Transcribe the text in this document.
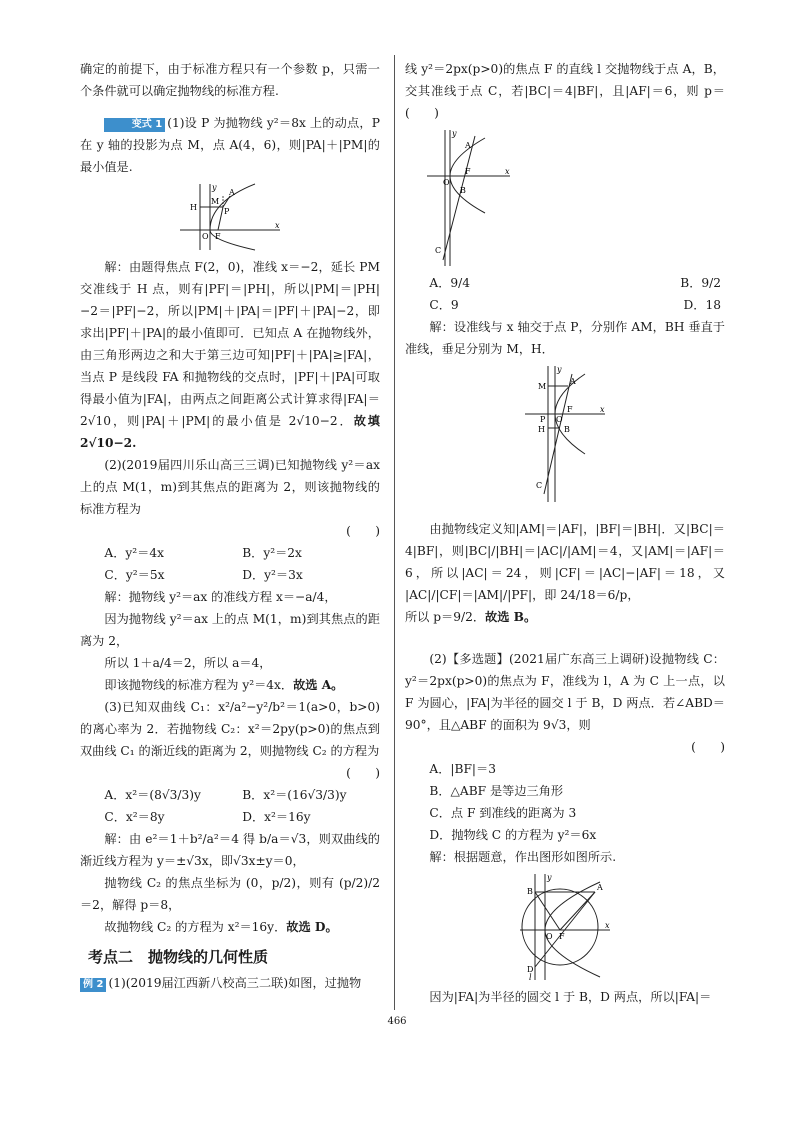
确定的前提下，由于标准方程只有一个参数 p，只需一个条件就可以确定抛物线的标准方程.

变式 1 (1)设 P 为抛物线 y²＝8x 上的动点，P 在 y 轴的投影为点 M，点 A(4，6)，则|PA|＋|PM|的最小值是.

H
M
P
A
O F
x
y

解：由题得焦点 F(2，0)，准线 x＝−2，延长 PM 交准线于 H 点，则有|PF|＝|PH|，所以|PM|＝|PH|−2＝|PF|−2，所以|PM|＋|PA|＝|PF|＋|PA|−2，即求出|PF|＋|PA|的最小值即可．已知点 A 在抛物线外，由三角形两边之和大于第三边可知|PF|＋|PA|≥|FA|，当点 P 是线段 FA 和抛物线的交点时，|PF|＋|PA|可取得最小值为|FA|，由两点之间距离公式计算求得|FA|＝2√10，则|PA|＋|PM|的最小值是 2√10−2．故填 2√10−2.

(2)(2019届四川乐山高三三调)已知抛物线 y²＝ax 上的点 M(1，m)到其焦点的距离为 2，则该抛物线的标准方程为

(　　)

A．y²＝4x	B．y²＝2x
C．y²＝5x	D．y²＝3x

解：抛物线 y²＝ax 的准线方程 x＝−a/4，

因为抛物线 y²＝ax 上的点 M(1，m)到其焦点的距离为 2，

所以 1＋a/4＝2，所以 a＝4，

即该抛物线的标准方程为 y²＝4x．故选 A。

(3)已知双曲线 C₁：x²/a²−y²/b²＝1(a>0，b>0)的离心率为 2．若抛物线 C₂：x²＝2py(p>0)的焦点到双曲线 C₁ 的渐近线的距离为 2，则抛物线 C₂ 的方程为

(　　)

A．x²＝(8√3/3)y	B．x²＝(16√3/3)y
C．x²＝8y	D．x²＝16y

解：由 e²＝1＋b²/a²＝4 得 b/a＝√3，则双曲线的渐近线方程为 y＝±√3x，即√3x±y＝0，

抛物线 C₂ 的焦点坐标为 (0，p/2)，则有 (p/2)/2＝2，解得 p＝8，

故抛物线 C₂ 的方程为 x²＝16y．故选 D。

考点二　抛物线的几何性质

例 2 (1)(2019届江西新八校高三二联)如图，过抛物

线 y²＝2px(p>0)的焦点 F 的直线 l 交抛物线于点 A，B，交其准线于点 C，若|BC|＝4|BF|，且|AF|＝6，则 p＝(　　)

y
A
O
F
B
x
C
A．9/4	B．9/2
C．9	D．18

解：设准线与 x 轴交于点 P，分别作 AM，BH 垂直于准线，垂足分别为 M，H．

y
M
A
P O
F
H B
x
C

由抛物线定义知|AM|＝|AF|，|BF|＝|BH|．又|BC|＝4|BF|，则|BC|/|BH|＝|AC|/|AM|＝4，又|AM|＝|AF|＝6，所以|AC|＝24，则|CF|＝|AC|−|AF|＝18，又 |AC|/|CF|＝|AM|/|PF|，即 24/18＝6/p，

所以 p＝9/2．故选 B。

(2)【多选题】(2021届广东高三上调研)设抛物线 C：y²＝2px(p>0)的焦点为 F，准线为 l，A 为 C 上一点，以 F 为圆心，|FA|为半径的圆交 l 于 B，D 两点．若∠ABD＝90°，且△ABF 的面积为 9√3，则

(　　)

A．|BF|＝3
B．△ABF 是等边三角形
C．点 F 到准线的距离为 3
D．抛物线 C 的方程为 y²＝6x

解：根据题意，作出图形如图所示.

y
B	A
O F
x
D
l

因为|FA|为半径的圆交 l 于 B，D 两点，所以|FA|＝

466
